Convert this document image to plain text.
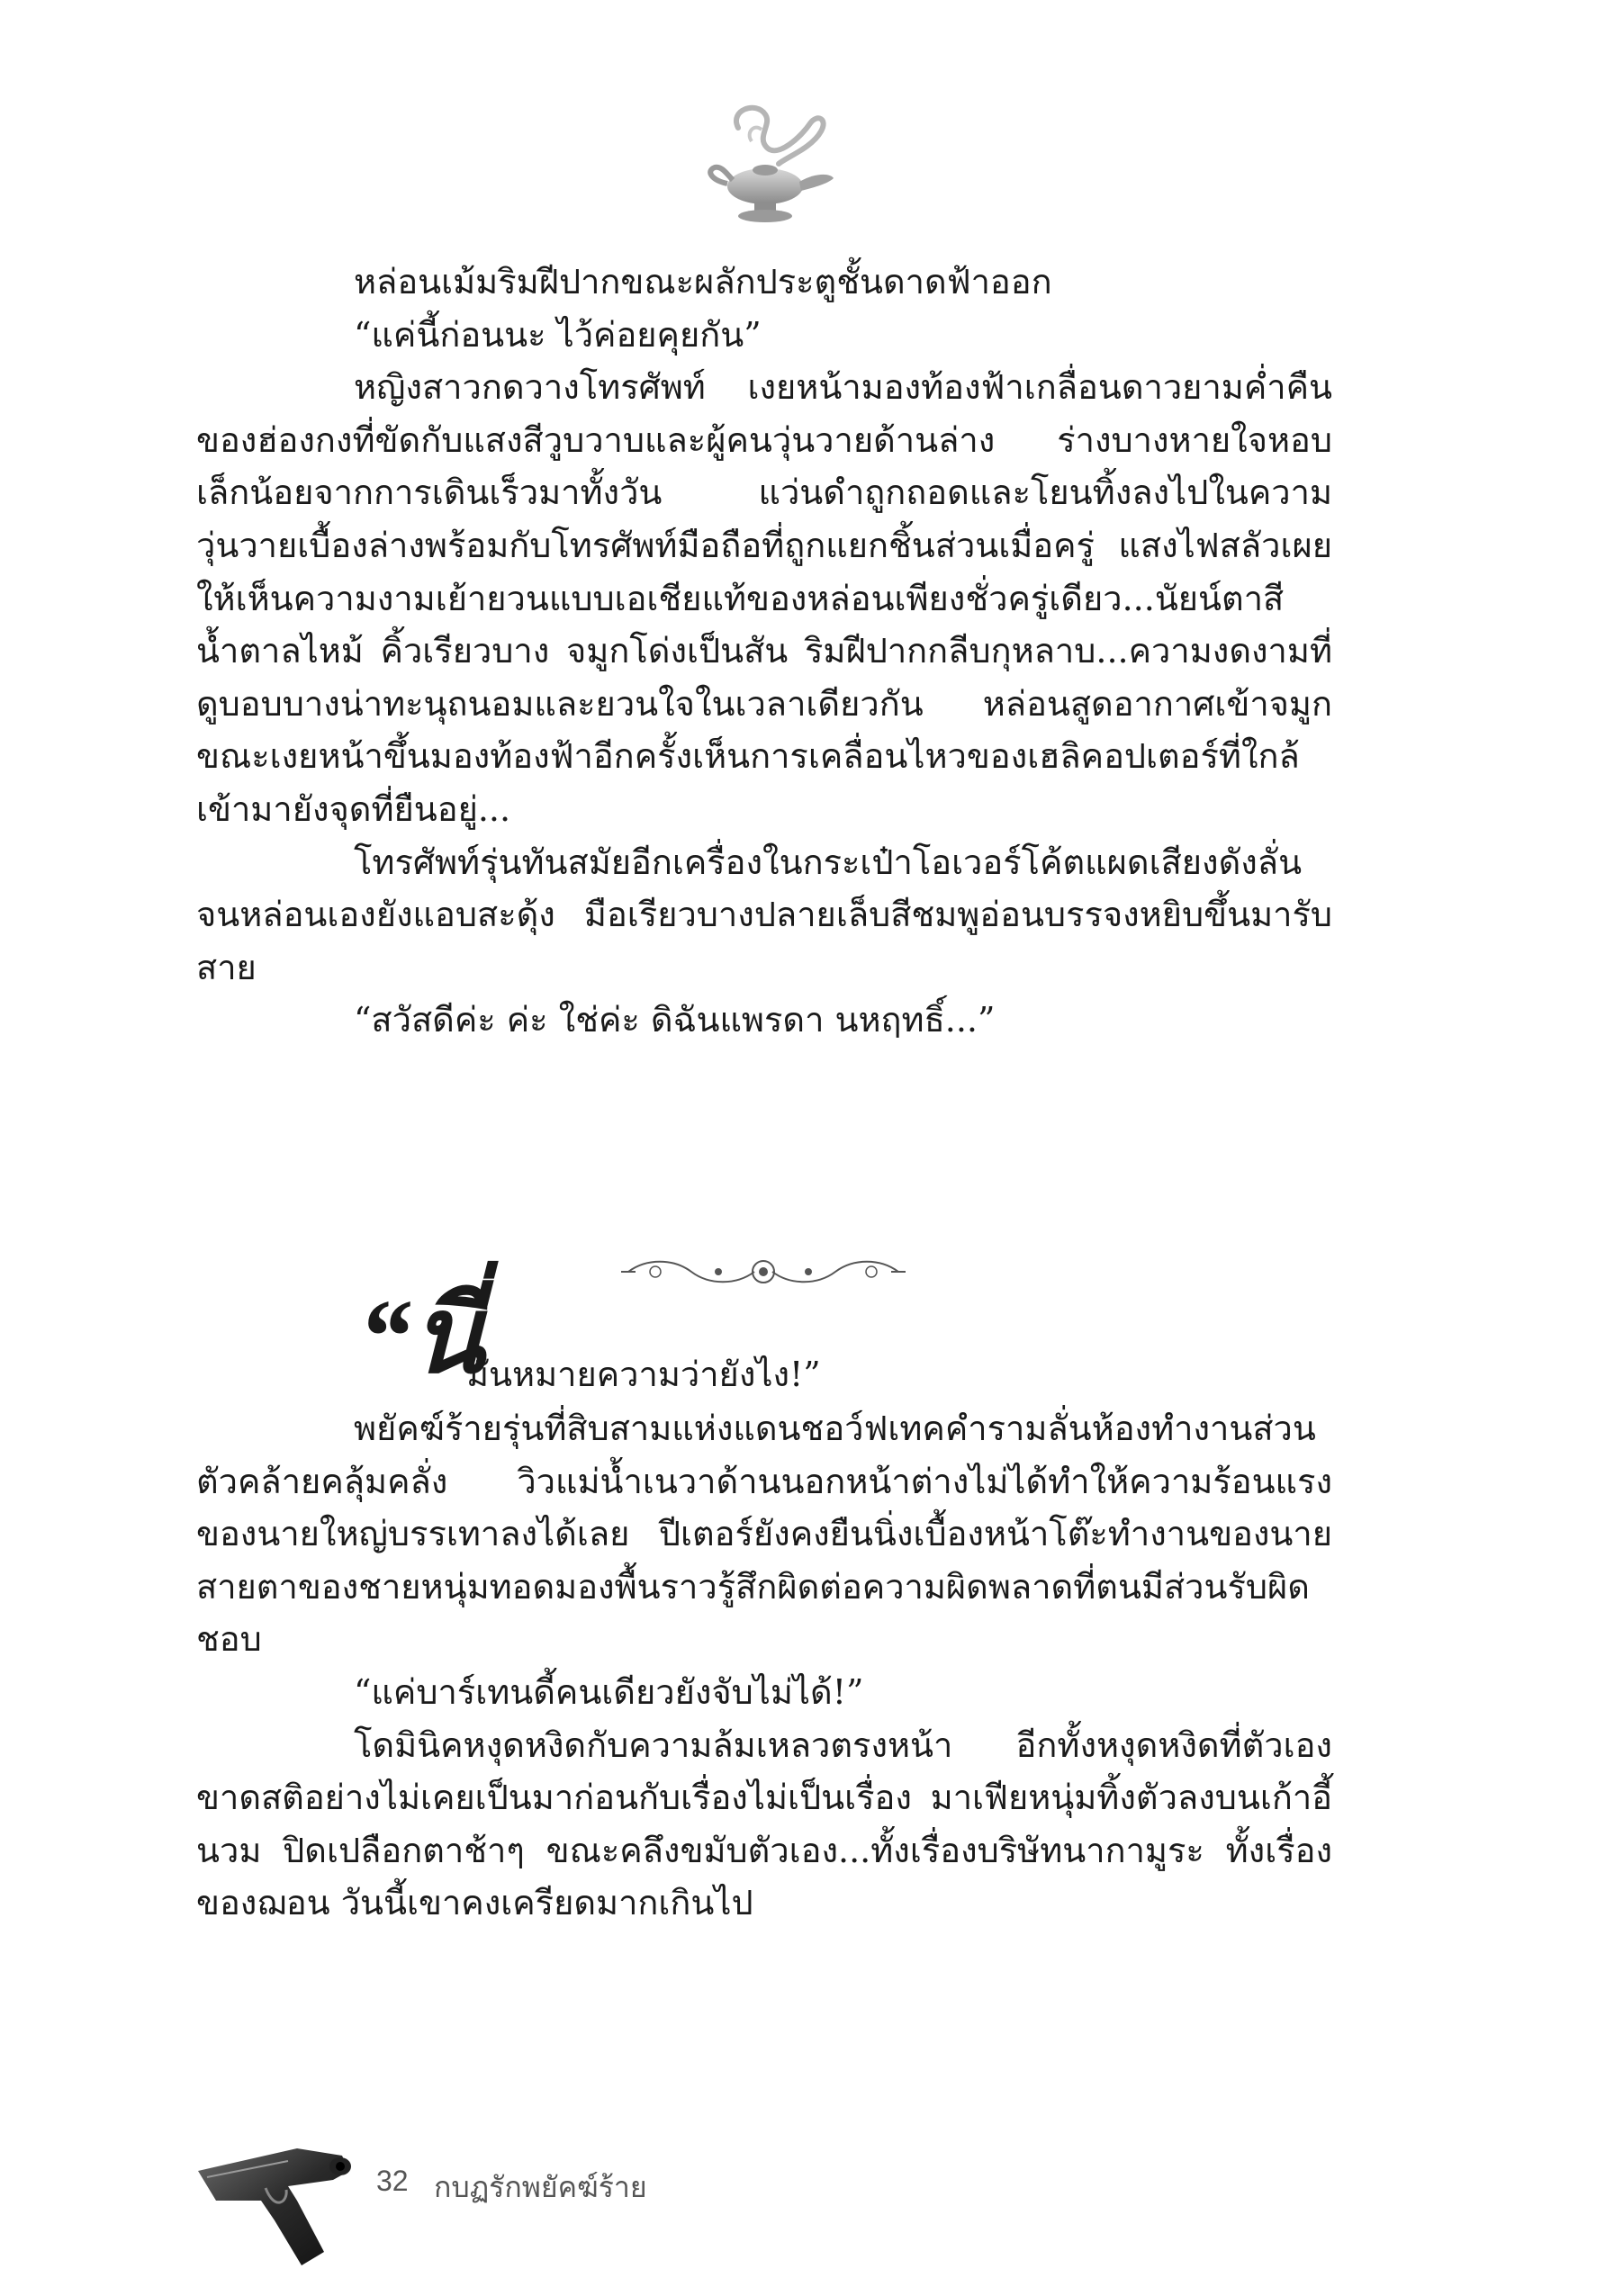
หล่อนเม้มริมฝีปากขณะผลักประตูชั้นดาดฟ้าออก

“แค่นี้ก่อนนะ ไว้ค่อยคุยกัน”

หญิงสาวกดวางโทรศัพท์ เงยหน้ามองท้องฟ้าเกลื่อนดาวยามค่ำคืนของฮ่องกงที่ขัดกับแสงสีวูบวาบและผู้คนวุ่นวายด้านล่าง ร่างบางหายใจหอบเล็กน้อยจากการเดินเร็วมาทั้งวัน แว่นดำถูกถอดและโยนทิ้งลงไปในความวุ่นวายเบื้องล่างพร้อมกับโทรศัพท์มือถือที่ถูกแยกชิ้นส่วนเมื่อครู่ แสงไฟสลัวเผยให้เห็นความงามเย้ายวนแบบเอเชียแท้ของหล่อนเพียงชั่วครู่เดียว...นัยน์ตาสีน้ำตาลไหม้ คิ้วเรียวบาง จมูกโด่งเป็นสัน ริมฝีปากกลีบกุหลาบ...ความงดงามที่ดูบอบบางน่าทะนุถนอมและยวนใจในเวลาเดียวกัน หล่อนสูดอากาศเข้าจมูกขณะเงยหน้าขึ้นมองท้องฟ้าอีกครั้งเห็นการเคลื่อนไหวของเฮลิคอปเตอร์ที่ใกล้เข้ามายังจุดที่ยืนอยู่...

โทรศัพท์รุ่นทันสมัยอีกเครื่องในกระเป๋าโอเวอร์โค้ตแผดเสียงดังลั่นจนหล่อนเองยังแอบสะดุ้ง มือเรียวบางปลายเล็บสีชมพูอ่อนบรรจงหยิบขึ้นมารับสาย

“สวัสดีค่ะ ค่ะ ใช่ค่ะ ดิฉันแพรดา นหฤทธิ์...”

“นี่
มันหมายความว่ายังไง!”

พยัคฆ์ร้ายรุ่นที่สิบสามแห่งแดนชอว์ฟเทคคำรามลั่นห้องทำงานส่วนตัวคล้ายคลุ้มคลั่ง วิวแม่น้ำเนวาด้านนอกหน้าต่างไม่ได้ทำให้ความร้อนแรงของนายใหญ่บรรเทาลงได้เลย ปีเตอร์ยังคงยืนนิ่งเบื้องหน้าโต๊ะทำงานของนาย สายตาของชายหนุ่มทอดมองพื้นราวรู้สึกผิดต่อความผิดพลาดที่ตนมีส่วนรับผิดชอบ

“แค่บาร์เทนดี้คนเดียวยังจับไม่ได้!”

โดมินิคหงุดหงิดกับความล้มเหลวตรงหน้า อีกทั้งหงุดหงิดที่ตัวเองขาดสติอย่างไม่เคยเป็นมาก่อนกับเรื่องไม่เป็นเรื่อง มาเฟียหนุ่มทิ้งตัวลงบนเก้าอี้นวม ปิดเปลือกตาช้าๆ ขณะคลึงขมับตัวเอง...ทั้งเรื่องบริษัทนากามูระ ทั้งเรื่องของฌอน วันนี้เขาคงเครียดมากเกินไป

32 กบฏรักพยัคฆ์ร้าย
